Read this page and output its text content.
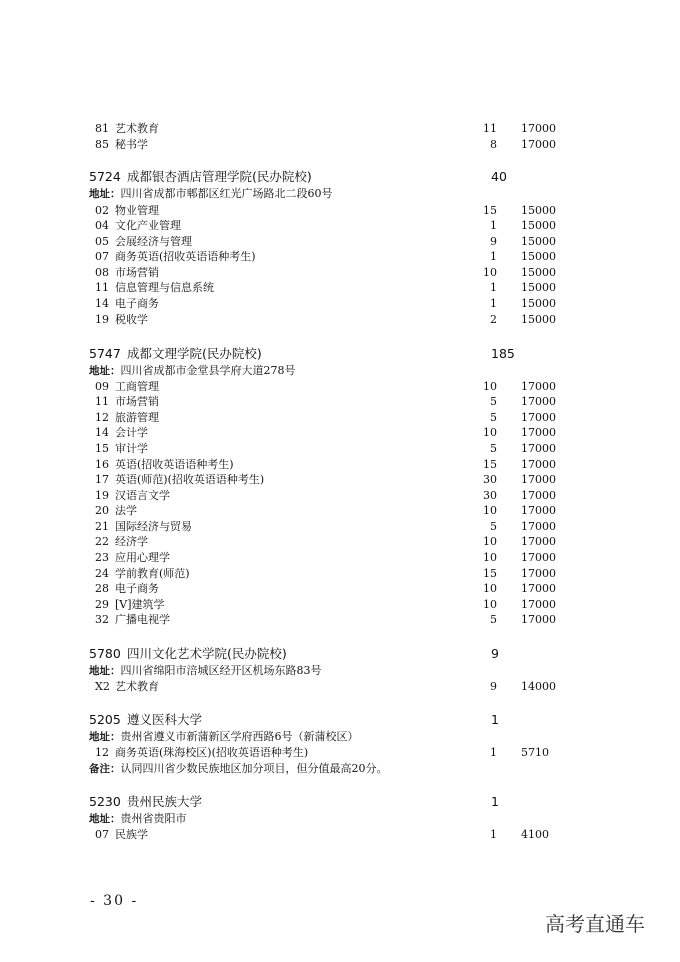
81 艺术教育	11 17000
85 秘书学	8 17000
5724 成都银杏酒店管理学院(民办院校)	40
地址：四川省成都市郫都区红光广场路北二段60号
02 物业管理	15 15000
04 文化产业管理	1 15000
05 会展经济与管理	9 15000
07 商务英语(招收英语语种考生)	1 15000
08 市场营销	10 15000
11 信息管理与信息系统	1 15000
14 电子商务	1 15000
19 税收学	2 15000
5747 成都文理学院(民办院校)	185
地址：四川省成都市金堂县学府大道278号
09 工商管理	10 17000
11 市场营销	5 17000
12 旅游管理	5 17000
14 会计学	10 17000
15 审计学	5 17000
16 英语(招收英语语种考生)	15 17000
17 英语(师范)(招收英语语种考生)	30 17000
19 汉语言文学	30 17000
20 法学	10 17000
21 国际经济与贸易	5 17000
22 经济学	10 17000
23 应用心理学	10 17000
24 学前教育(师范)	15 17000
28 电子商务	10 17000
29 [V]建筑学	10 17000
32 广播电视学	5 17000
5780 四川文化艺术学院(民办院校)	9
地址：四川省绵阳市涪城区经开区机场东路83号
X2 艺术教育	9 14000
5205 遵义医科大学	1
地址：贵州省遵义市新蒲新区学府西路6号（新蒲校区）
12 商务英语(珠海校区)(招收英语语种考生)	1 5710
备注：认同四川省少数民族地区加分项目，但分值最高20分。
5230 贵州民族大学	1
地址：贵州省贵阳市
07 民族学	1 4100
- 30 -
高考直通车
